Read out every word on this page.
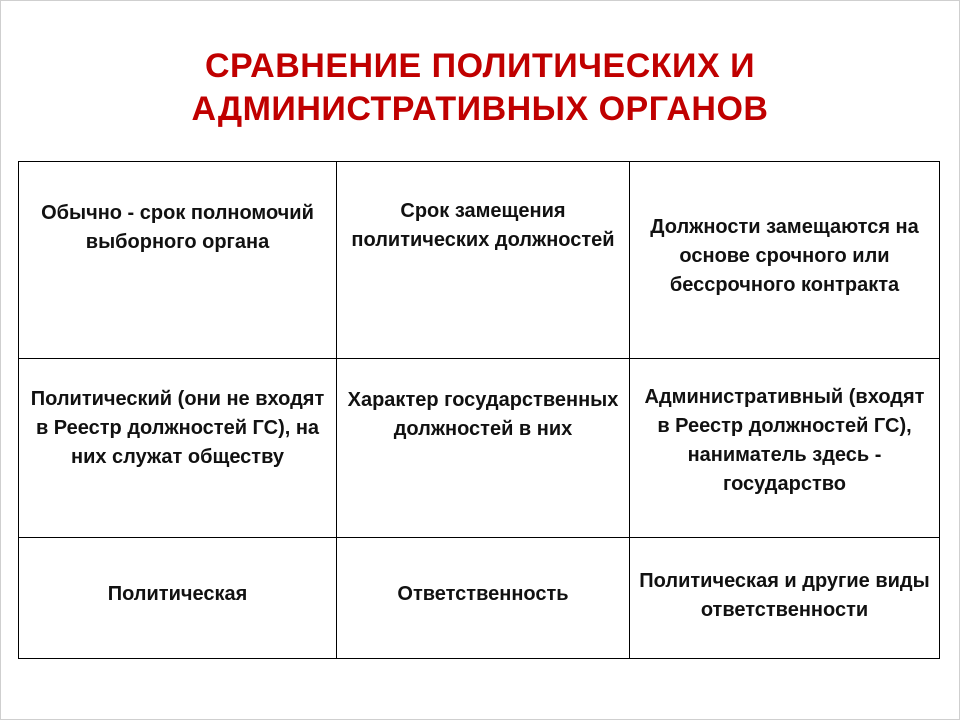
СРАВНЕНИЕ ПОЛИТИЧЕСКИХ И
АДМИНИСТРАТИВНЫХ ОРГАНОВ
Обычно - срок полномочий выборного органа	Срок замещения политических должностей	Должности замещаются на основе срочного или бессрочного контракта

Политический (они не входят в Реестр должностей ГС), на них служат обществу	Характер государственных должностей в них	Административный (входят в Реестр должностей ГС), наниматель здесь - государство

Политическая	Ответственность	Политическая и другие виды ответственности
